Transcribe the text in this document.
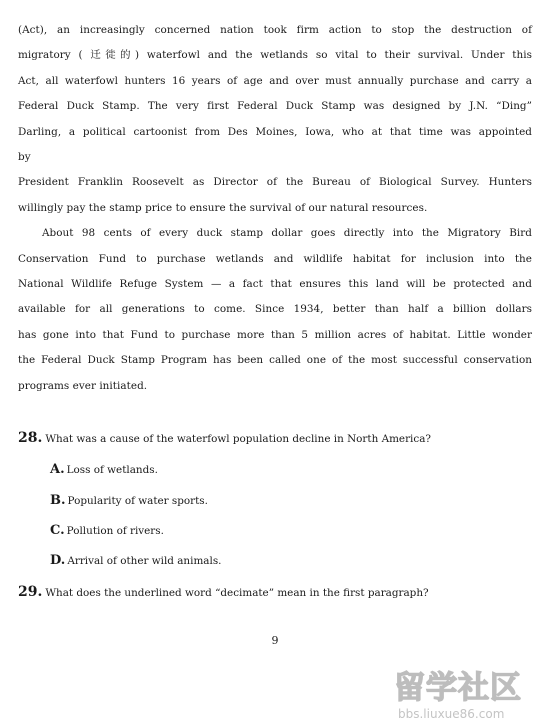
(Act), an increasingly concerned nation took firm action to stop the destruction of

migratory ( 迁徙的) waterfowl and the wetlands so vital to their survival. Under this

Act, all waterfowl hunters 16 years of age and over must annually purchase and carry a

Federal Duck Stamp. The very first Federal Duck Stamp was designed by J.N. “Ding”

Darling, a political cartoonist from Des Moines, Iowa, who at that time was appointed

by

President Franklin Roosevelt as Director of the Bureau of Biological Survey. Hunters

willingly pay the stamp price to ensure the survival of our natural resources.

About 98 cents of every duck stamp dollar goes directly into the Migratory Bird

Conservation Fund to purchase wetlands and wildlife habitat for inclusion into the

National Wildlife Refuge System — a fact that ensures this land will be protected and

available for all generations to come. Since 1934, better than half a billion dollars

has gone into that Fund to purchase more than 5 million acres of habitat. Little wonder

the Federal Duck Stamp Program has been called one of the most successful conservation

programs ever initiated.

28. What was a cause of the waterfowl population decline in North America?
A. Loss of wetlands.
B. Popularity of water sports.
C. Pollution of rivers.
D. Arrival of other wild animals.
29. What does the underlined word “decimate” mean in the first paragraph?
9
留学社区
bbs.liuxue86.com
